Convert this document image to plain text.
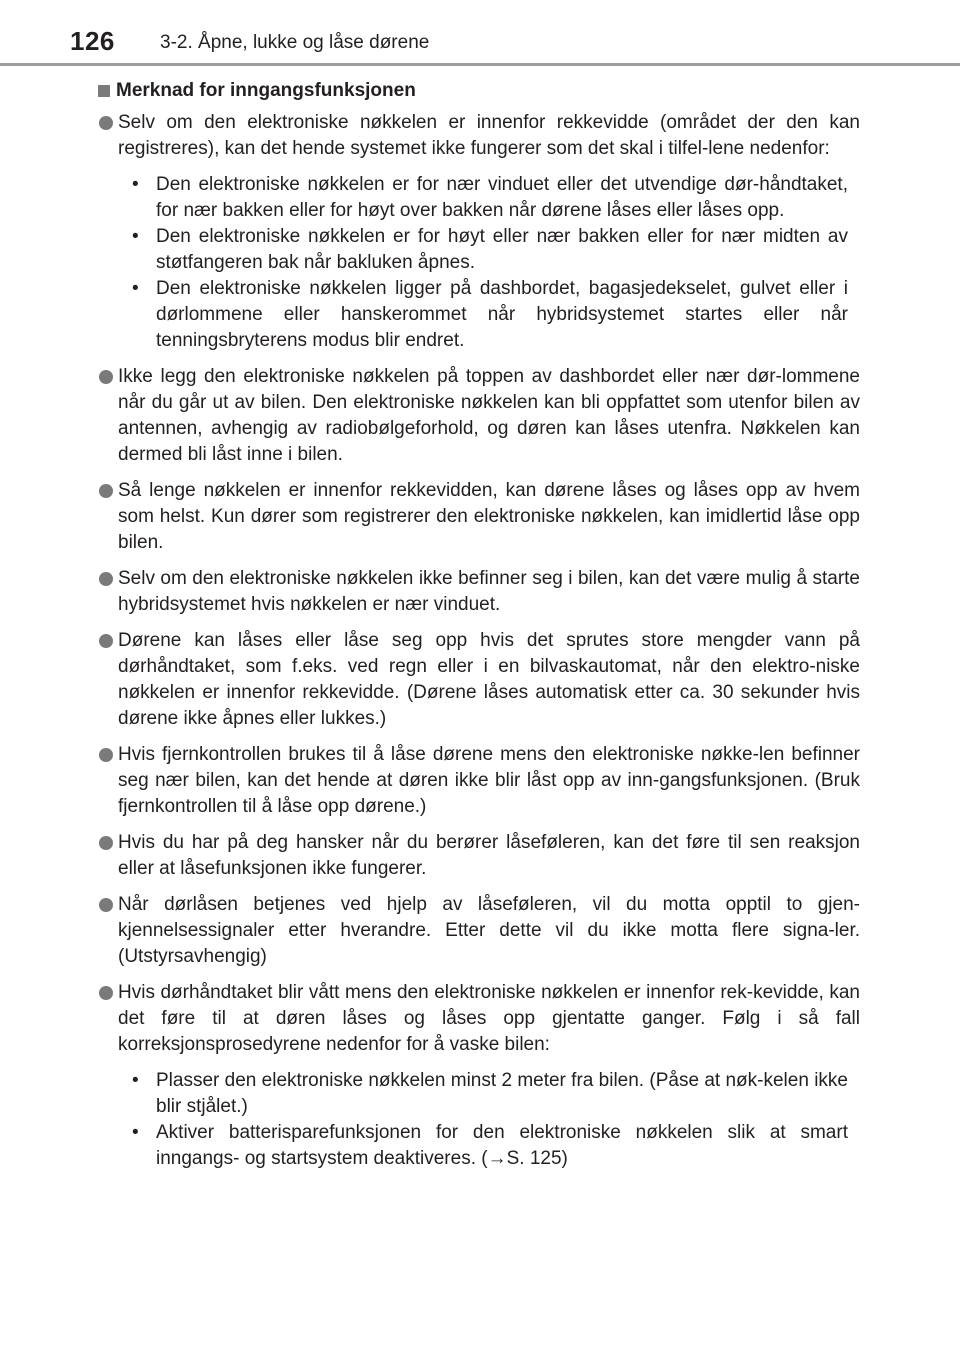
126 3-2. Åpne, lukke og låse dørene
Merknad for inngangsfunksjonen
Selv om den elektroniske nøkkelen er innenfor rekkevidde (området der den kan registreres), kan det hende systemet ikke fungerer som det skal i tilfel-lene nedenfor:
• Den elektroniske nøkkelen er for nær vinduet eller det utvendige dør-håndtaket, for nær bakken eller for høyt over bakken når dørene låses eller låses opp.
• Den elektroniske nøkkelen er for høyt eller nær bakken eller for nær midten av støtfangeren bak når bakluken åpnes.
• Den elektroniske nøkkelen ligger på dashbordet, bagasjedekselet, gulvet eller i dørlommene eller hanskerommet når hybridsystemet startes eller når tenningsbryterens modus blir endret.
Ikke legg den elektroniske nøkkelen på toppen av dashbordet eller nær dør-lommene når du går ut av bilen. Den elektroniske nøkkelen kan bli oppfattet som utenfor bilen av antennen, avhengig av radiobølgeforhold, og døren kan låses utenfra. Nøkkelen kan dermed bli låst inne i bilen.
Så lenge nøkkelen er innenfor rekkevidden, kan dørene låses og låses opp av hvem som helst. Kun dører som registrerer den elektroniske nøkkelen, kan imidlertid låse opp bilen.
Selv om den elektroniske nøkkelen ikke befinner seg i bilen, kan det være mulig å starte hybridsystemet hvis nøkkelen er nær vinduet.
Dørene kan låses eller låse seg opp hvis det sprutes store mengder vann på dørhåndtaket, som f.eks. ved regn eller i en bilvaskautomat, når den elektro-niske nøkkelen er innenfor rekkevidde. (Dørene låses automatisk etter ca. 30 sekunder hvis dørene ikke åpnes eller lukkes.)
Hvis fjernkontrollen brukes til å låse dørene mens den elektroniske nøkke-len befinner seg nær bilen, kan det hende at døren ikke blir låst opp av inn-gangsfunksjonen. (Bruk fjernkontrollen til å låse opp dørene.)
Hvis du har på deg hansker når du berører låseføleren, kan det føre til sen reaksjon eller at låsefunksjonen ikke fungerer.
Når dørlåsen betjenes ved hjelp av låseføleren, vil du motta opptil to gjen-kjennelsessignaler etter hverandre. Etter dette vil du ikke motta flere signa-ler. (Utstyrsavhengig)
Hvis dørhåndtaket blir vått mens den elektroniske nøkkelen er innenfor rek-kevidde, kan det føre til at døren låses og låses opp gjentatte ganger. Følg i så fall korreksjonsprosedyrene nedenfor for å vaske bilen:
• Plasser den elektroniske nøkkelen minst 2 meter fra bilen. (Påse at nøk-kelen ikke blir stjålet.)
• Aktiver batterisparefunksjonen for den elektroniske nøkkelen slik at smart inngangs- og startsystem deaktiveres. (→S. 125)
